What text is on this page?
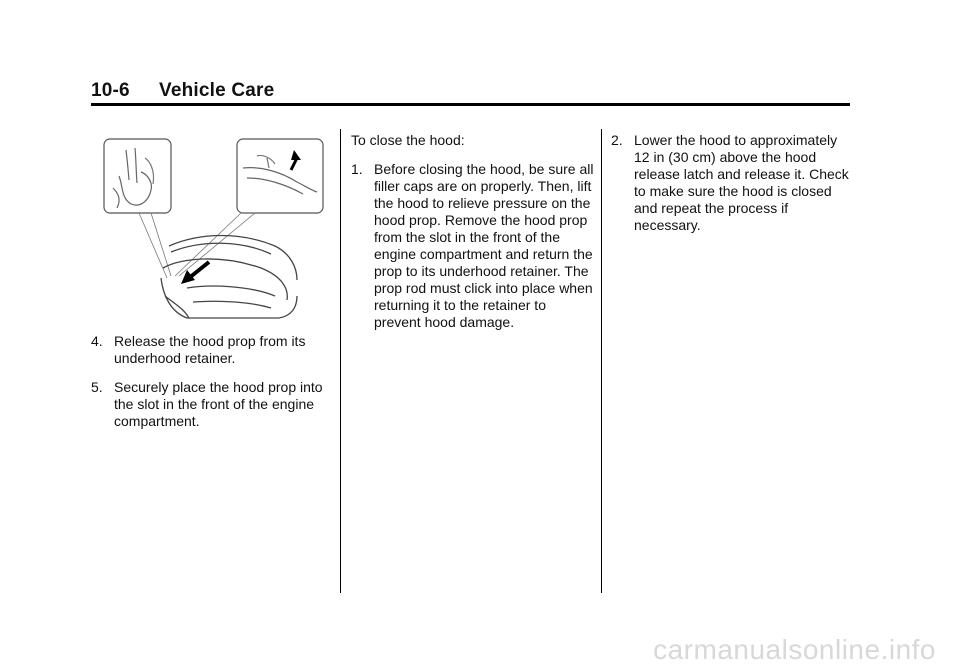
10-6 Vehicle Care
4. Release the hood prop from its underhood retainer.
5. Securely place the hood prop into the slot in the front of the engine compartment.

To close the hood:

1. Before closing the hood, be sure all filler caps are on properly. Then, lift the hood to relieve pressure on the hood prop. Remove the hood prop from the slot in the front of the engine compartment and return the prop to its underhood retainer. The prop rod must click into place when returning it to the retainer to prevent hood damage.
2. Lower the hood to approximately 12 in (30 cm) above the hood release latch and release it. Check to make sure the hood is closed and repeat the process if necessary.
carmanualsonline.info
